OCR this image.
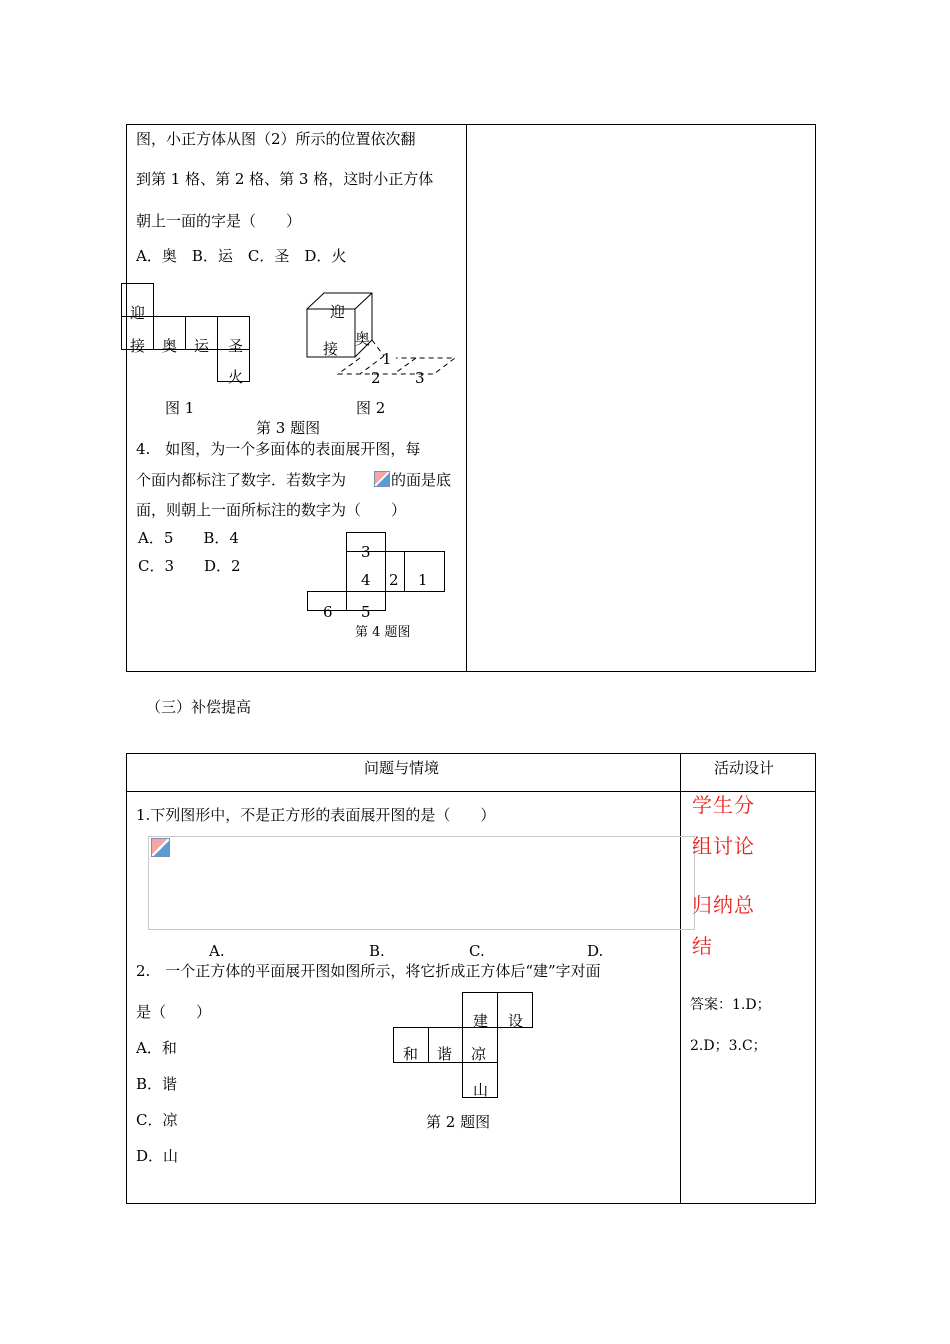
图，小正方体从图（2）所示的位置依次翻
到第 1 格、第 2 格、第 3 格，这时小正方体
朝上一面的字是（　　）
A．奥　B．运　C．圣　D．火
迎
接 奥 运 圣
火
迎
接
奥
1
2 3
图 1	图 2
第 3 题图
4.　如图，为一个多面体的表面展开图，每
个面内都标注了数字．若数字为	的面是底
面，则朝上一面所标注的数字为（　　）
A．5　　B．4
C．3　　D．2
3
4 2 1
6 5
第 4 题图
（三）补偿提高
问题与情境	活动设计
1.下列图形中，不是正方形的表面展开图的是（　　）
A.	B.	C.	D.
2.　一个正方体的平面展开图如图所示，将它折成正方体后“建”字对面
是（　　）
A．和
B．谐
C．凉
D．山
建 设
和 谐 凉
山
第 2 题图
学生分
组讨论
归纳总
结
答案：1.D；
2.D；3.C；
